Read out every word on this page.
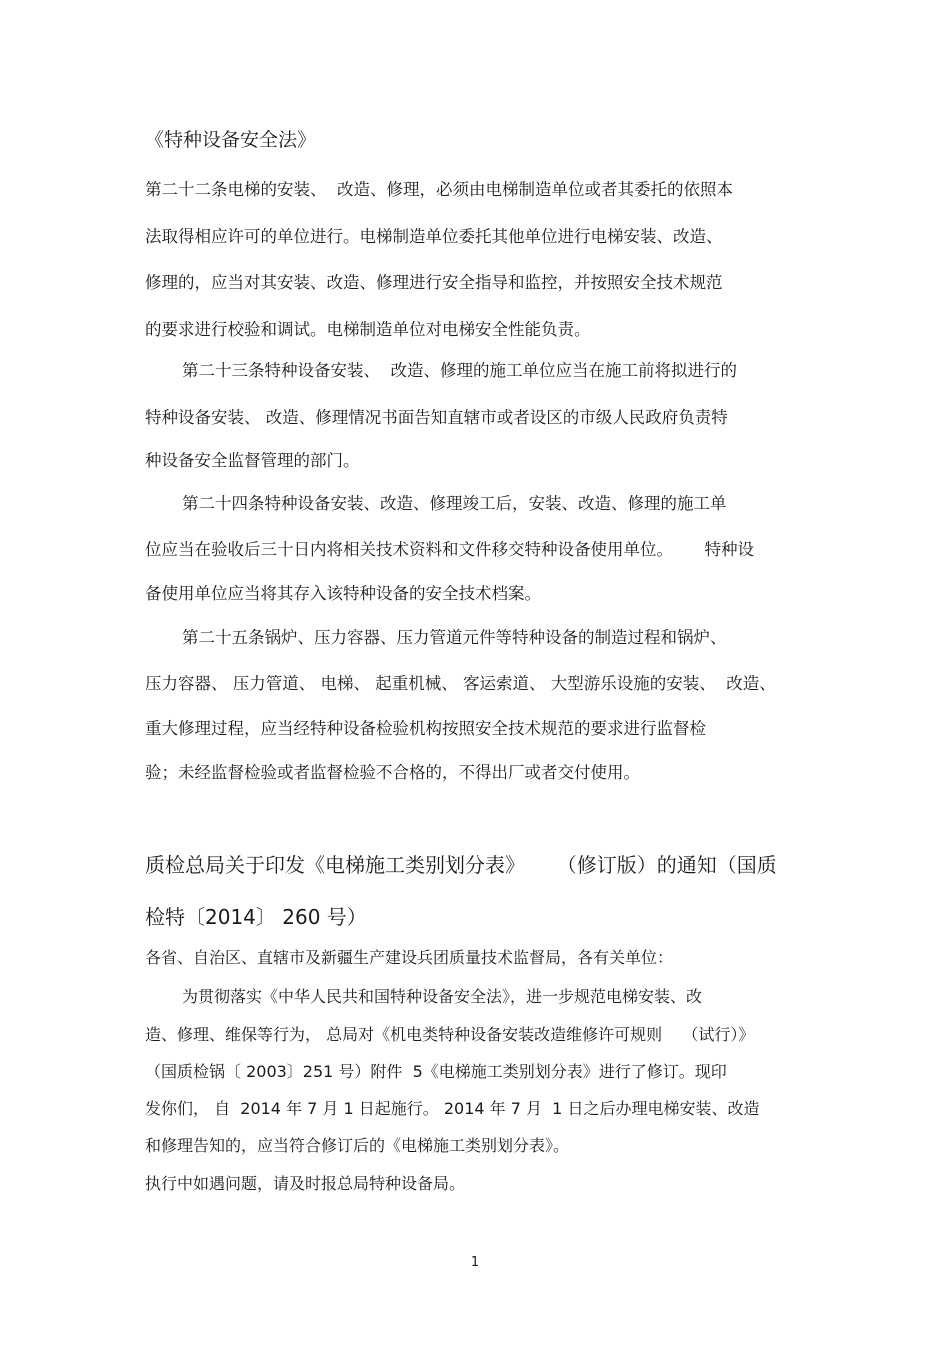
《特种设备安全法》
第二十二条电梯的安装、  改造、修理，必须由电梯制造单位或者其委托的依照本
法取得相应许可的单位进行。电梯制造单位委托其他单位进行电梯安装、改造、
修理的，应当对其安装、改造、修理进行安全指导和监控，并按照安全技术规范
的要求进行校验和调试。电梯制造单位对电梯安全性能负责。
第二十三条特种设备安装、  改造、修理的施工单位应当在施工前将拟进行的
特种设备安装、 改造、修理情况书面告知直辖市或者设区的市级人民政府负责特
种设备安全监督管理的部门。
第二十四条特种设备安装、改造、修理竣工后，安装、改造、修理的施工单
位应当在验收后三十日内将相关技术资料和文件移交特种设备使用单位。      特种设
备使用单位应当将其存入该特种设备的安全技术档案。
第二十五条锅炉、压力容器、压力管道元件等特种设备的制造过程和锅炉、
压力容器、 压力管道、 电梯、 起重机械、 客运索道、 大型游乐设施的安装、  改造、
重大修理过程，应当经特种设备检验机构按照安全技术规范的要求进行监督检
验；未经监督检验或者监督检验不合格的，不得出厂或者交付使用。
质检总局关于印发《电梯施工类别划分表》     （修订版）的通知（国质
检特〔2014〕 260 号）
各省、自治区、直辖市及新疆生产建设兵团质量技术监督局，各有关单位：
为贯彻落实《中华人民共和国特种设备安全法》，进一步规范电梯安装、改
造、修理、维保等行为， 总局对《机电类特种设备安装改造维修许可规则    （试行）》
（国质检锅〔 2003〕251 号）附件  5《电梯施工类别划分表》进行了修订。现印
发你们， 自  2014 年 7 月 1 日起施行。 2014 年 7 月  1 日之后办理电梯安装、改造
和修理告知的，应当符合修订后的《电梯施工类别划分表》。
执行中如遇问题，请及时报总局特种设备局。
1
